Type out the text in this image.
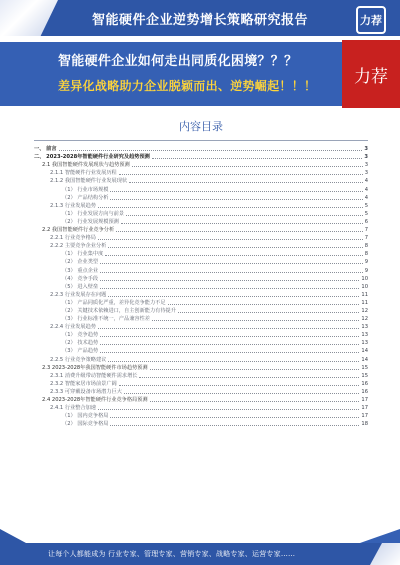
智能硬件企业逆势增长策略研究报告	力荐
智能硬件企业如何走出同质化困境？？？
差异化战略助力企业脱颖而出、逆势崛起！！！	力荐
内容目录
一、 前言	3
二、 2023-2028年智能硬件行业研究及趋势预测	3
2.1 我国智能硬件发展现状与趋势预测	3
2.1.1 智能硬件行业发展历程	3
2.1.2 我国智能硬件行业发展现状	4
（1） 行业市场规模	4
（2） 产品结构分析	4
2.1.3 行业发展趋势	5
（1） 行业发展方向与前景	5
（2） 行业发展规模预测	6
2.2 我国智能硬件行业竞争分析	7
2.2.1 行业竞争格局	7
2.2.2 主要竞争企业分析	8
（1） 行业集中度	8
（2） 企业类型	9
（3） 重点企业	9
（4） 竞争手段	10
（5） 进入壁垒	10
2.2.3 行业发展存在问题	11
（1） 产品同质化严重，差异化竞争能力不足	11
（2） 关键技术依赖进口，自主创新能力有待提升	12
（3） 行业标准不统一，产品兼容性差	12
2.2.4 行业发展趋势	13
（1） 竞争趋势	13
（2） 技术趋势	13
（3） 产品趋势	14
2.2.5 行业竞争策略建议	14
2.3 2023-2028年我国智能硬件市场趋势预测	15
2.3.1 消费升级带动智能硬件需求增长	15
2.3.2 智能家居市场前景广阔	16
2.3.3 可穿戴设备市场潜力巨大	16
2.4 2023-2028年智能硬件行业竞争格局预测	17
2.4.1 行业整合加速	17
（1） 国内竞争格局	17
（2） 国际竞争格局	18
让每个人都能成为 行业专家、管理专家、营销专家、战略专家、运营专家……
